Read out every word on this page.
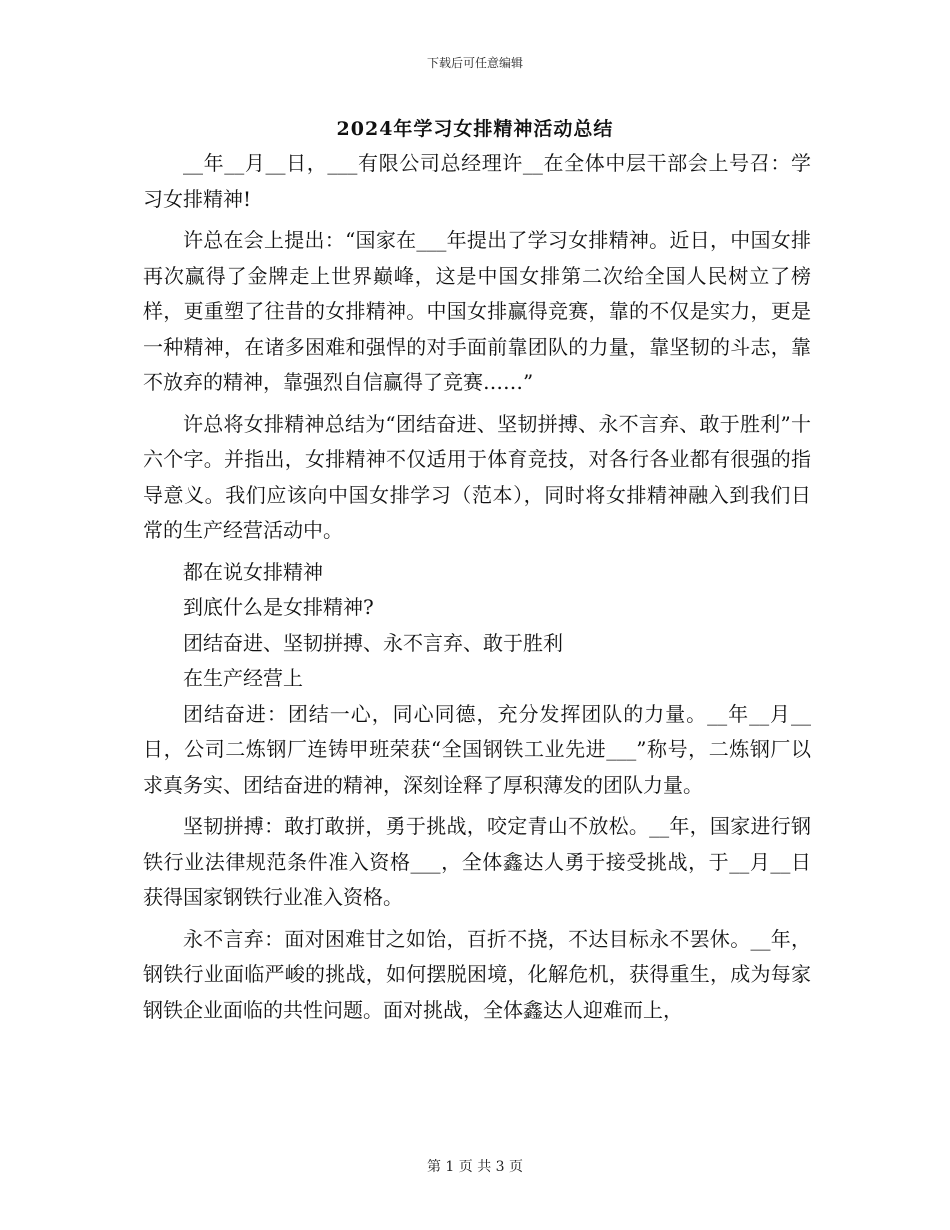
下载后可任意编辑
2024年学习女排精神活动总结

__年__月__日，___有限公司总经理许__在全体中层干部会上号召：学习女排精神!

许总在会上提出：“国家在___年提出了学习女排精神。近日，中国女排再次赢得了金牌走上世界巅峰，这是中国女排第二次给全国人民树立了榜样，更重塑了往昔的女排精神。中国女排赢得竞赛，靠的不仅是实力，更是一种精神，在诸多困难和强悍的对手面前靠团队的力量，靠坚韧的斗志，靠不放弃的精神，靠强烈自信赢得了竞赛……”

许总将女排精神总结为“团结奋进、坚韧拼搏、永不言弃、敢于胜利”十六个字。并指出，女排精神不仅适用于体育竞技，对各行各业都有很强的指导意义。我们应该向中国女排学习（范本），同时将女排精神融入到我们日常的生产经营活动中。

都在说女排精神

到底什么是女排精神?

团结奋进、坚韧拼搏、永不言弃、敢于胜利

在生产经营上

团结奋进：团结一心，同心同德，充分发挥团队的力量。__年__月__日，公司二炼钢厂连铸甲班荣获“全国钢铁工业先进___”称号，二炼钢厂以求真务实、团结奋进的精神，深刻诠释了厚积薄发的团队力量。

坚韧拼搏：敢打敢拼，勇于挑战，咬定青山不放松。__年，国家进行钢铁行业法律规范条件准入资格___，全体鑫达人勇于接受挑战，于__月__日获得国家钢铁行业准入资格。

永不言弃：面对困难甘之如饴，百折不挠，不达目标永不罢休。__年，钢铁行业面临严峻的挑战，如何摆脱困境，化解危机，获得重生，成为每家钢铁企业面临的共性问题。面对挑战，全体鑫达人迎难而上，

第 1 页 共 3 页
